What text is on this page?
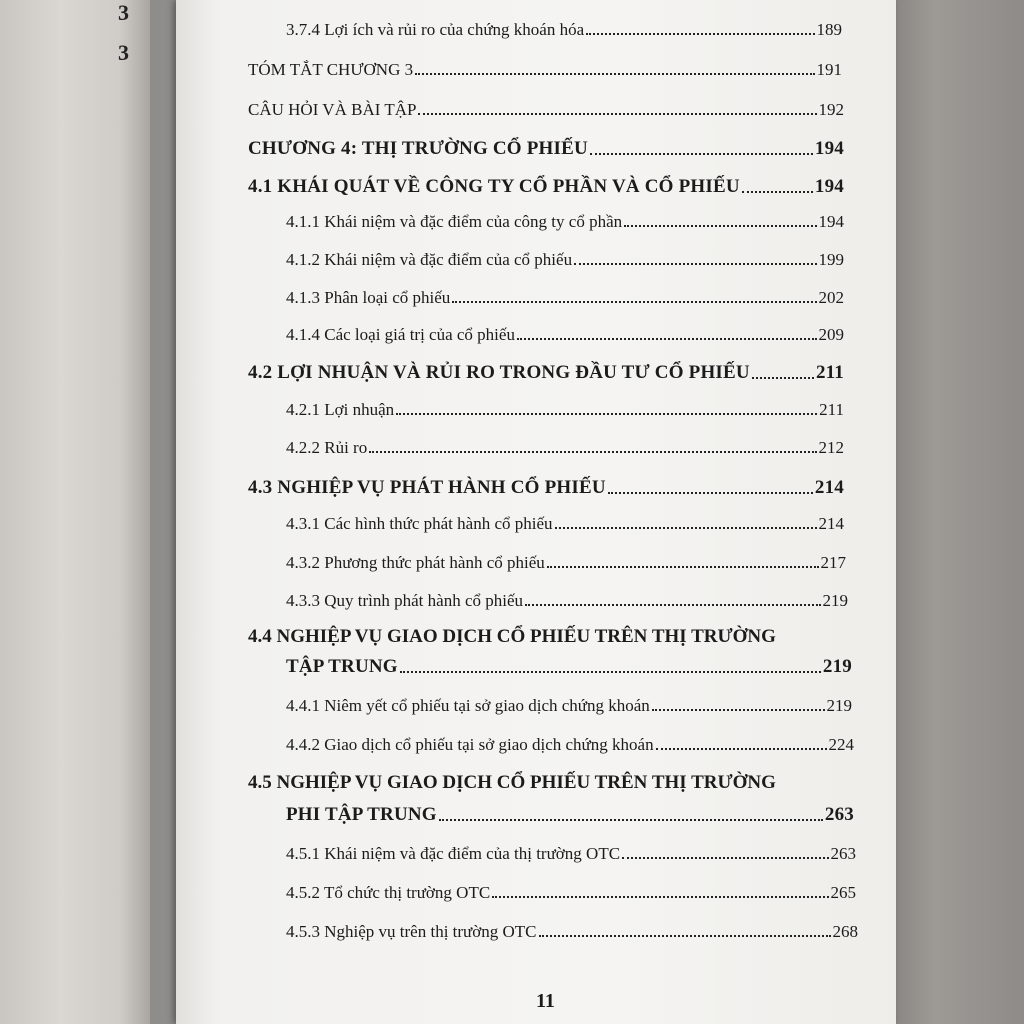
3
3
3.7.4 Lợi ích và rủi ro của chứng khoán hóa	189
TÓM TẮT CHƯƠNG 3	191
CÂU HỎI VÀ BÀI TẬP	192
CHƯƠNG 4: THỊ TRƯỜNG CỔ PHIẾU	194
4.1 KHÁI QUÁT VỀ CÔNG TY CỔ PHẦN VÀ CỔ PHIẾU	194
4.1.1 Khái niệm và đặc điểm của công ty cổ phần	194
4.1.2 Khái niệm và đặc điểm của cổ phiếu	199
4.1.3 Phân loại cổ phiếu	202
4.1.4 Các loại giá trị của cổ phiếu	209
4.2 LỢI NHUẬN VÀ RỦI RO TRONG ĐẦU TƯ CỔ PHIẾU	211
4.2.1 Lợi nhuận	211
4.2.2 Rủi ro	212
4.3 NGHIỆP VỤ PHÁT HÀNH CỔ PHIẾU	214
4.3.1 Các hình thức phát hành cổ phiếu	214
4.3.2 Phương thức phát hành cổ phiếu	217
4.3.3 Quy trình phát hành cổ phiếu	219
4.4 NGHIỆP VỤ GIAO DỊCH CỔ PHIẾU TRÊN THỊ TRƯỜNG
TẬP TRUNG	219
4.4.1 Niêm yết cổ phiếu tại sở giao dịch chứng khoán	219
4.4.2 Giao dịch cổ phiếu tại sở giao dịch chứng khoán	224
4.5 NGHIỆP VỤ GIAO DỊCH CỔ PHIẾU TRÊN THỊ TRƯỜNG
PHI TẬP TRUNG	263
4.5.1 Khái niệm và đặc điểm của thị trường OTC	263
4.5.2 Tổ chức thị trường OTC	265
4.5.3 Nghiệp vụ trên thị trường OTC	268
11
